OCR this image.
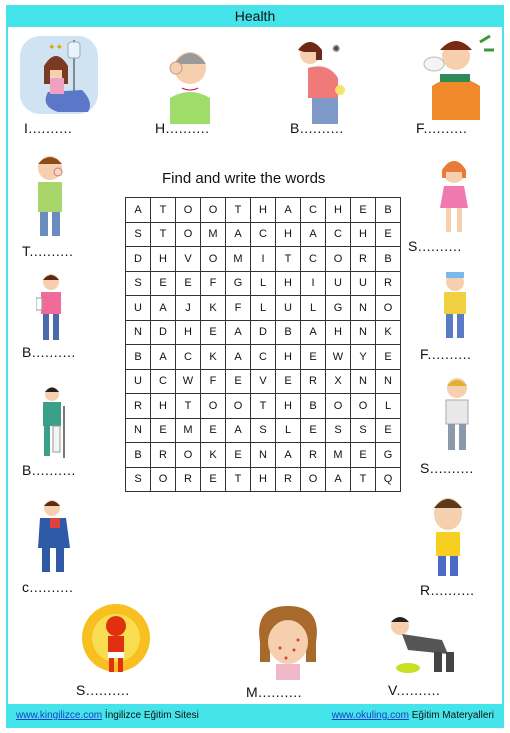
Health
✦✦
I..........	H..........
✺
B..........	F..........
T..........
B..........
B..........
c..........
S..........
F..........
S..........
R..........
S..........	M..........	V..........
Find and write the words
A	T	O	O	T	H	A	C	H	E	B
S	T	O	M	A	C	H	A	C	H	E
D	H	V	O	M	I	T	C	O	R	B
S	E	E	F	G	L	H	I	U	U	R
U	A	J	K	F	L	U	L	G	N	O
N	D	H	E	A	D	B	A	H	N	K
B	A	C	K	A	C	H	E	W	Y	E
U	C	W	F	E	V	E	R	X	N	N
R	H	T	O	O	T	H	B	O	O	L
N	E	M	E	A	S	L	E	S	S	E
B	R	O	K	E	N	A	R	M	E	G
S	O	R	E	T	H	R	O	A	T	Q
www.kingilizce.com İngilizce Eğitim Sitesi	www.okuling.com Eğitim Materyalleri
